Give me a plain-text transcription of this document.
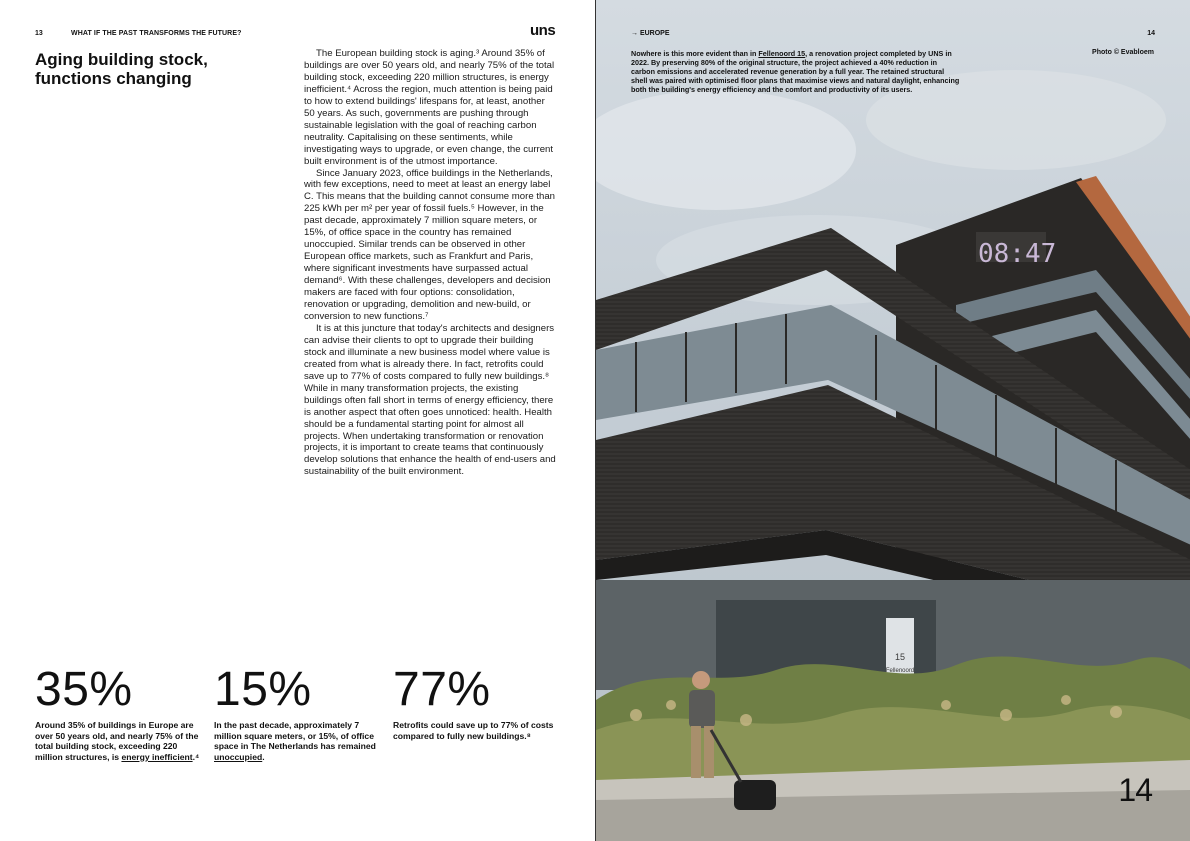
13	WHAT IF THE PAST TRANSFORMS THE FUTURE?	uns
Aging building stock, functions changing

The European building stock is aging.³ Around 35% of buildings are over 50 years old, and nearly 75% of the total building stock, exceeding 220 million structures, is energy inefficient.⁴ Across the region, much attention is being paid to how to extend buildings' lifespans for, at least, another 50 years. As such, governments are pushing through sustainable legislation with the goal of reaching carbon neutrality. Capitalising on these sentiments, while investigating ways to upgrade, or even change, the current built environment is of the utmost importance.

Since January 2023, office buildings in the Netherlands, with few exceptions, need to meet at least an energy label C. This means that the building cannot consume more than 225 kWh per m² per year of fossil fuels.⁵ However, in the past decade, approximately 7 million square meters, or 15%, of office space in the country has remained unoccupied. Similar trends can be observed in other European office markets, such as Frankfurt and Paris, where significant investments have surpassed actual demand⁶. With these challenges, developers and decision makers are faced with four options: consolidation, renovation or upgrading, demolition and new-build, or conversion to new functions.⁷

It is at this juncture that today's architects and designers can advise their clients to opt to upgrade their building stock and illuminate a new business model where value is created from what is already there. In fact, retrofits could save up to 77% of costs compared to fully new buildings.⁸ While in many transformation projects, the existing buildings often fall short in terms of energy efficiency, there is another aspect that often goes unnoticed: health. Health should be a fundamental starting point for almost all projects. When undertaking transformation or renovation projects, it is important to create teams that continuously develop solutions that enhance the health of end-users and sustainability of the built environment.

35%
Around 35% of buildings in Europe are over 50 years old, and nearly 75% of the total building stock, exceeding 220 million structures, is energy inefficient.⁴
15%
In the past decade, approximately 7 million square meters, or 15%, of office space in The Netherlands has remained unoccupied.
77%
Retrofits could save up to 77% of costs compared to fully new buildings.⁸
08:47
Fellenoord
15
→ EUROPE	14
Photo © Evabloem

Nowhere is this more evident than in Fellenoord 15, a renovation project completed by UNS in 2022. By preserving 80% of the original structure, the project achieved a 40% reduction in carbon emissions and accelerated revenue generation by a full year. The retained structural shell was paired with optimised floor plans that maximise views and natural daylight, enhancing both the building's energy efficiency and the comfort and productivity of its users.

14
